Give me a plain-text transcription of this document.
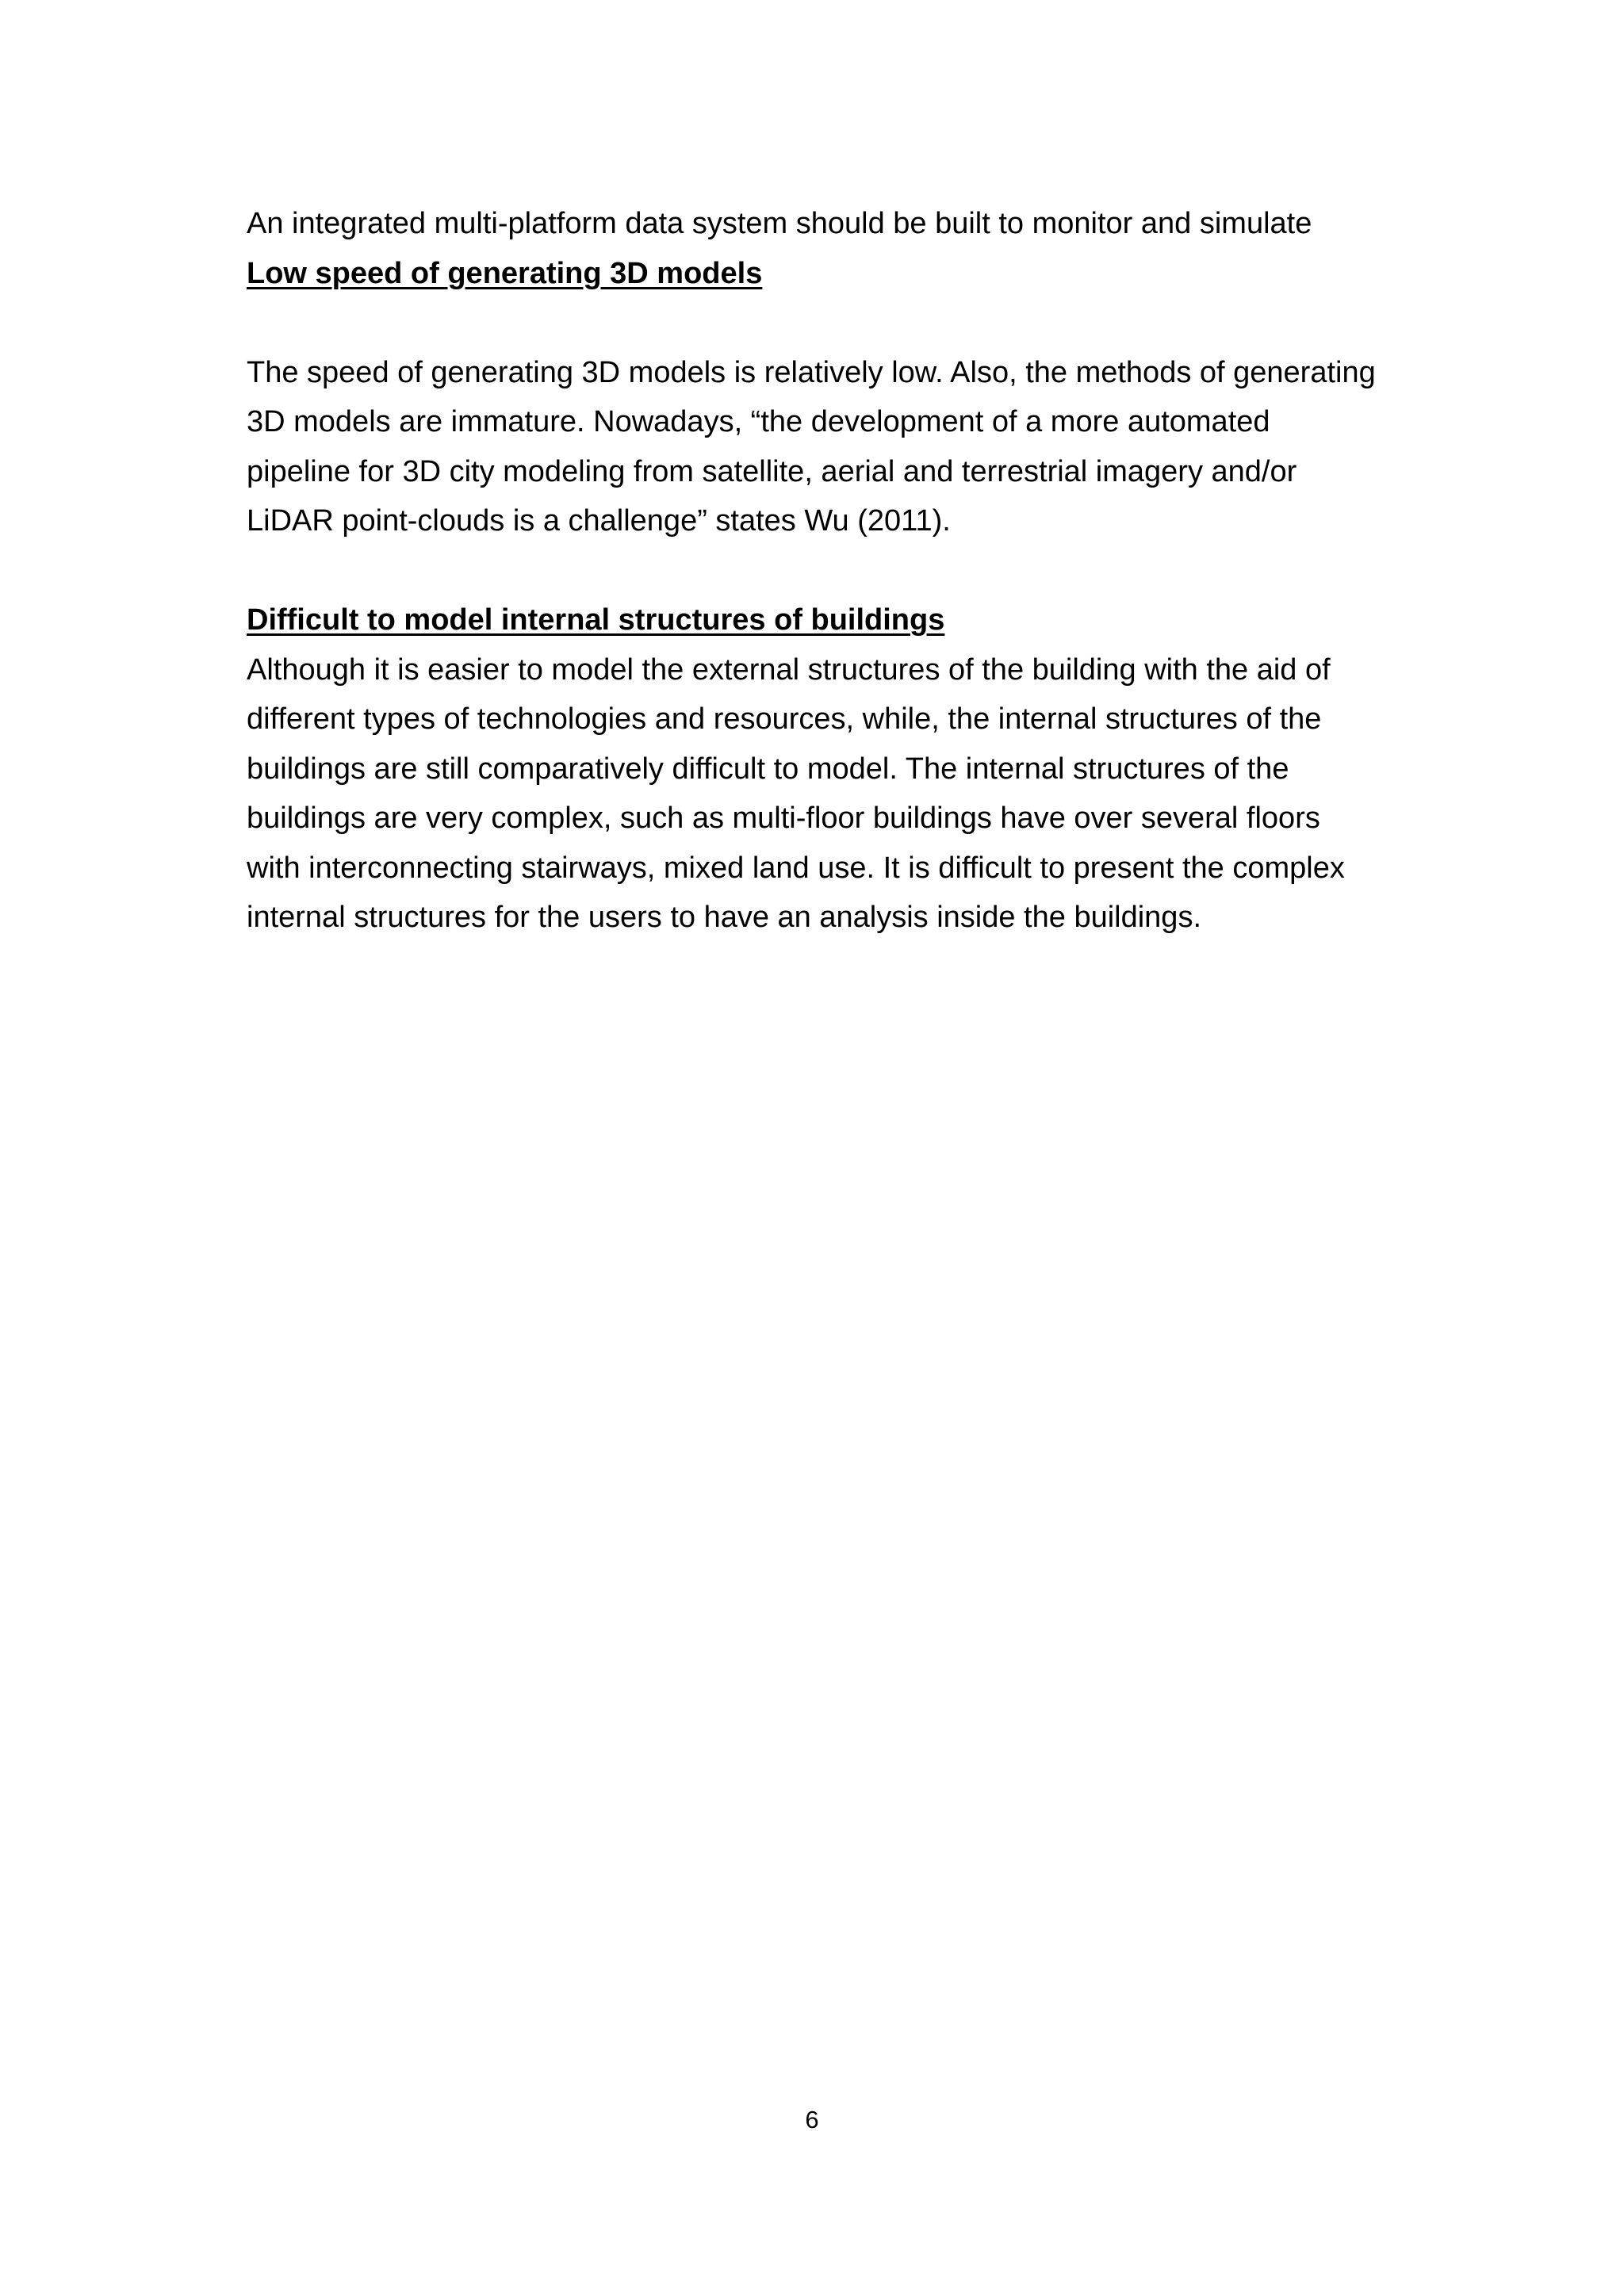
An integrated multi-platform data system should be built to monitor and simulate

Low speed of generating 3D models

The speed of generating 3D models is relatively low. Also, the methods of generating

3D models are immature. Nowadays, “the development of a more automated

pipeline for 3D city modeling from satellite, aerial and terrestrial imagery and/or

LiDAR point-clouds is a challenge” states Wu (2011).

Difficult to model internal structures of buildings

Although it is easier to model the external structures of the building with the aid of

different types of technologies and resources, while, the internal structures of the

buildings are still comparatively difficult to model. The internal structures of the

buildings are very complex, such as multi-floor buildings have over several floors

with interconnecting stairways, mixed land use. It is difficult to present the complex

internal structures for the users to have an analysis inside the buildings.

6
